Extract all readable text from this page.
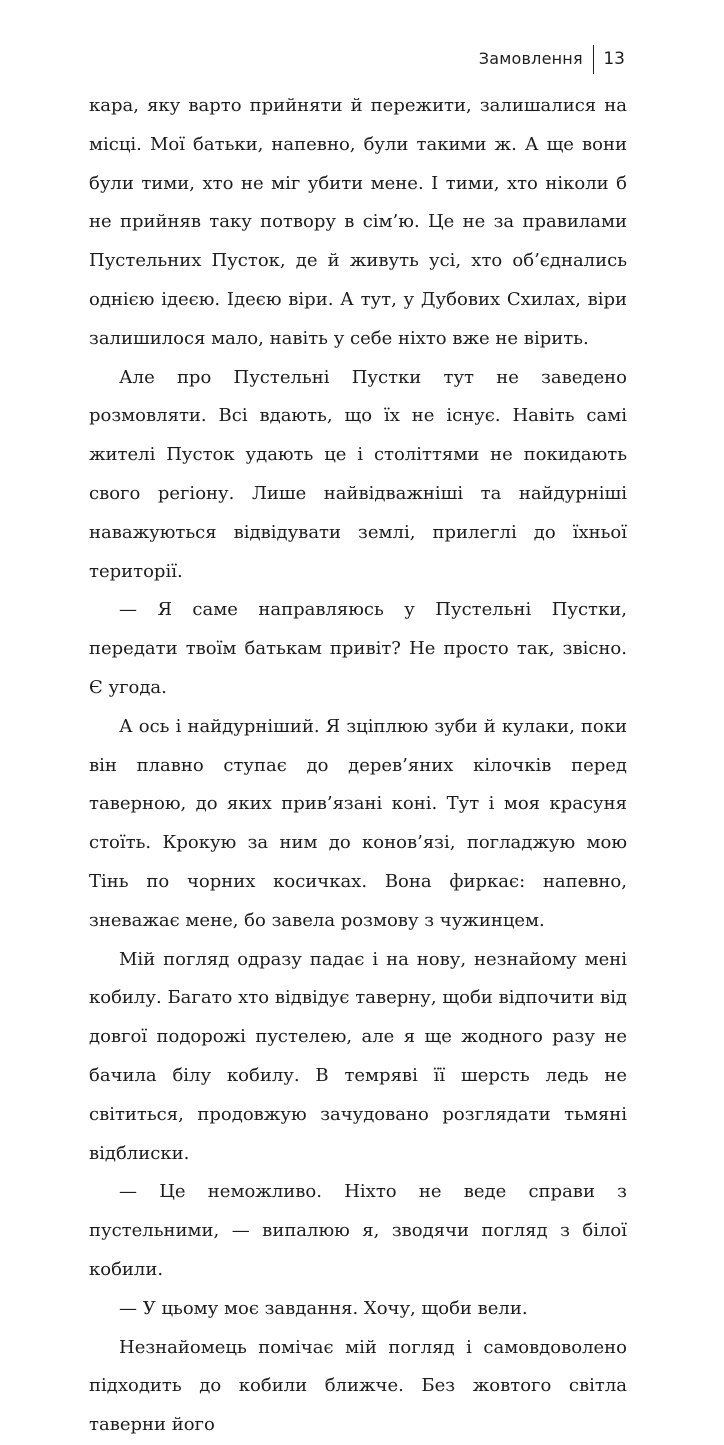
Замовлення 13

кара, яку варто прийняти й пережити, залишалися на місці. Мої батьки, напевно, були такими ж. А ще вони були тими, хто не міг убити мене. І тими, хто ніколи б не прийняв таку потвору в сім’ю. Це не за правилами Пустельних Пусток, де й живуть усі, хто об’єднались однією ідеєю. Ідеєю віри. А тут, у Дубових Схилах, віри залишилося мало, навіть у себе ніхто вже не вірить.

Але про Пустельні Пустки тут не заведено розмовляти. Всі вдають, що їх не існує. Навіть самі жителі Пусток удають це і століттями не покидають свого регіону. Лише найвідважніші та найдурніші наважуються відвідувати землі, прилеглі до їхньої території.

— Я саме направляюсь у Пустельні Пустки, передати твоїм батькам привіт? Не просто так, звісно. Є угода.

А ось і найдурніший. Я зціплюю зуби й кулаки, поки він плавно ступає до дерев’яних кілочків перед таверною, до яких прив’язані коні. Тут і моя красуня стоїть. Крокую за ним до конов’язі, погладжую мою Тінь по чорних косичках. Вона фиркає: напевно, зневажає мене, бо завела розмову з чужинцем.

Мій погляд одразу падає і на нову, незнайому мені кобилу. Багато хто відвідує таверну, щоби відпочити від довгої подорожі пустелею, але я ще жодного разу не бачила білу кобилу. В темряві її шерсть ледь не світиться, продовжую зачудовано розглядати тьмяні відблиски.

— Це неможливо. Ніхто не веде справи з пустельними, — випалюю я, зводячи погляд з білої кобили.

— У цьому моє завдання. Хочу, щоби вели.

Незнайомець помічає мій погляд і самовдоволено підходить до кобили ближче. Без жовтого світла таверни його
